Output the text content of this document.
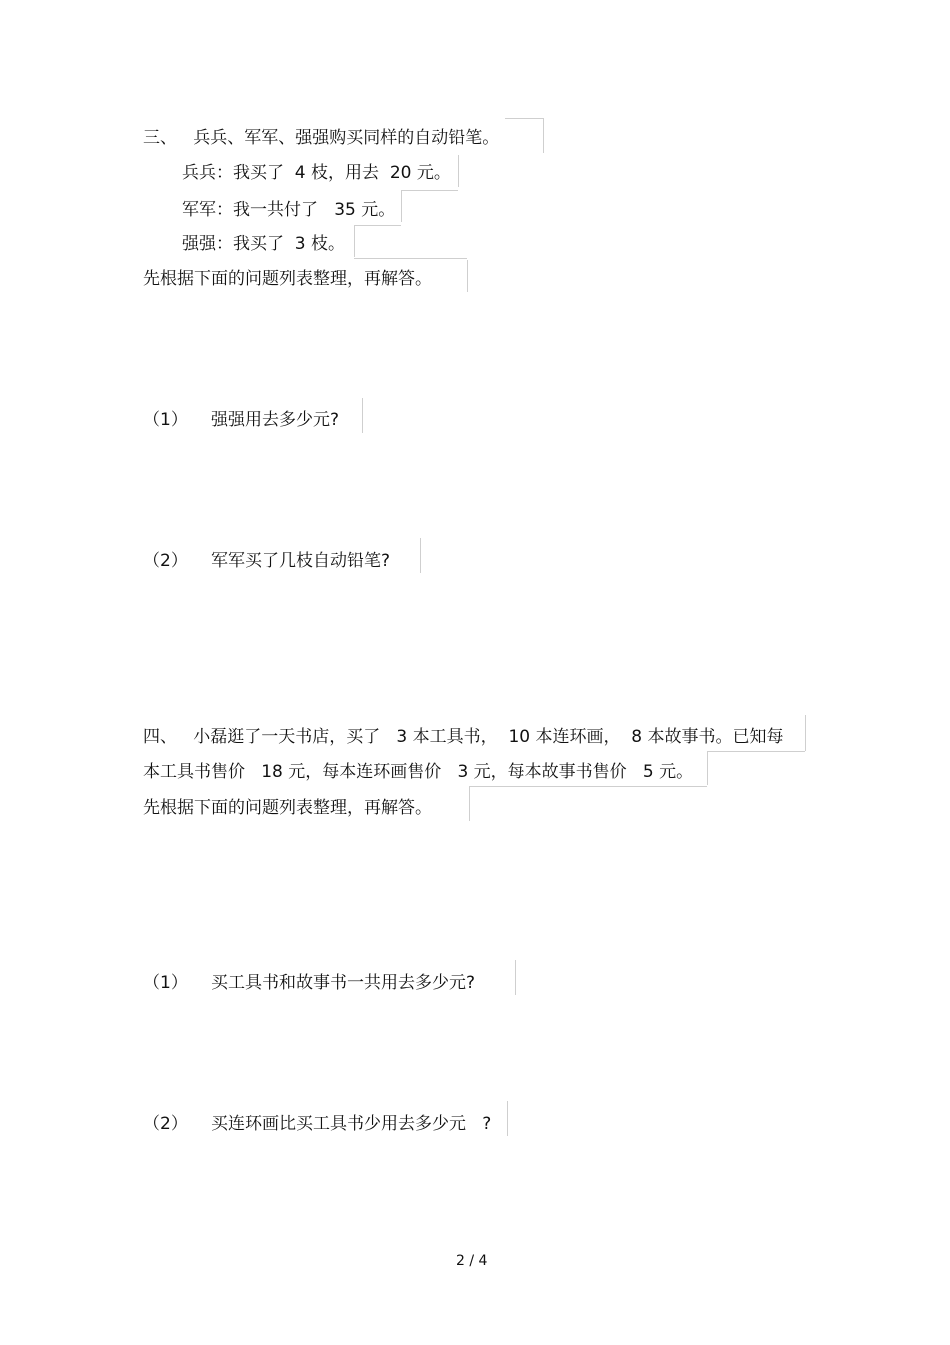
三、   兵兵、军军、强强购买同样的自动铅笔。
兵兵：我买了  4 枝，用去  20 元。
军军：我一共付了   35 元。
强强：我买了  3 枝。
先根据下面的问题列表整理，再解答。
（1） 强强用去多少元?
（2） 军军买了几枝自动铅笔?
四、   小磊逛了一天书店，买了   3 本工具书，  10 本连环画，  8 本故事书。已知每
本工具书售价   18 元，每本连环画售价   3 元，每本故事书售价   5 元。
先根据下面的问题列表整理，再解答。
（1） 买工具书和故事书一共用去多少元?
（2） 买连环画比买工具书少用去多少元   ?
2 / 4
